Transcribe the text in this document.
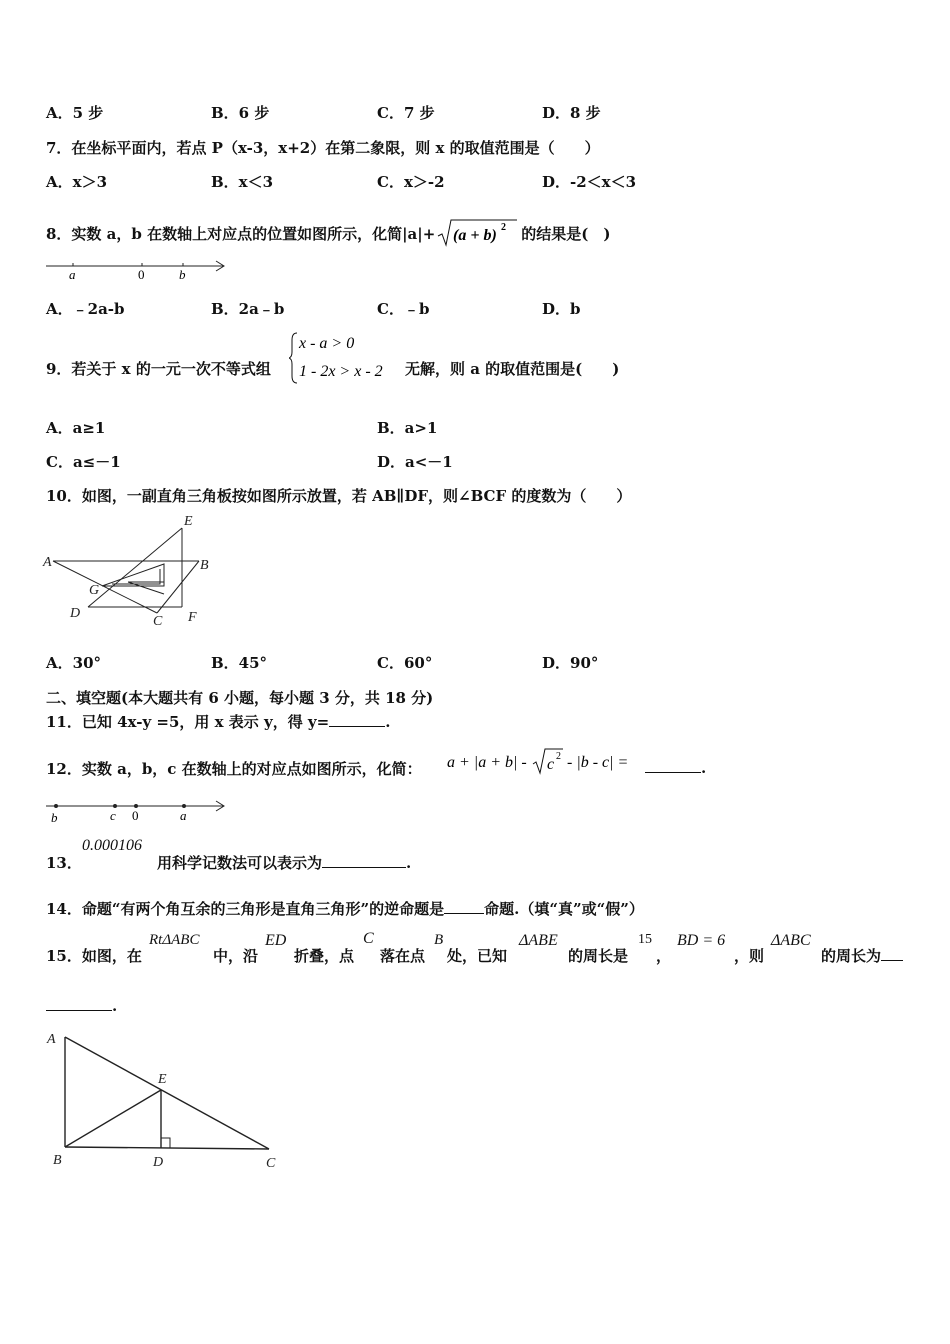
A．5 步	B．6 步	C．7 步	D．8 步
7．在坐标平面内，若点 P（x-3，x+2）在第二象限，则 x 的取值范围是（　　）
A．x＞3	B．x＜3	C．x＞-2	D．-2＜x＜3
8．实数 a，b 在数轴上对应点的位置如图所示，化简|a|+ (a + b) 2 的结果是(　)
a	0	b
A．﹣2a-b	B．2a﹣b	C．﹣b	D．b
9．若关于 x 的一元一次不等式组
x - a > 0
1 - 2x > x - 2 无解，则 a 的取值范围是(　　)
A．a≥1	B．a>1
C．a≤－1	D．a<－1
10．如图，一副直角三角板按如图所示放置，若 AB∥DF，则∠BCF 的度数为（　　）
E
A	B
G
D
C F
A．30°	B．45°	C．60°	D．90°
二、填空题(本大题共有 6 小题，每小题 3 分，共 18 分)
11．已知 4x-y =5，用 x 表示 y，得 y=	.
12．实数 a，b，c 在数轴上的对应点如图所示，化简： a + |a + b| - c 2 - |b - c| =	.
b	c 0	a
13．
0.000106
用科学记数法可以表示为	.
14．命题“有两个角互余的三角形是直角三角形”的逆命题是	命题.（填“真”或“假”）
15．如图，在
RtΔABC
中，沿
ED
折叠，点
C
落在点
B
处，已知
ΔABE
的周长是
15
，
BD = 6
，则
ΔABC
的周长为
.
A
E
B	D	C
